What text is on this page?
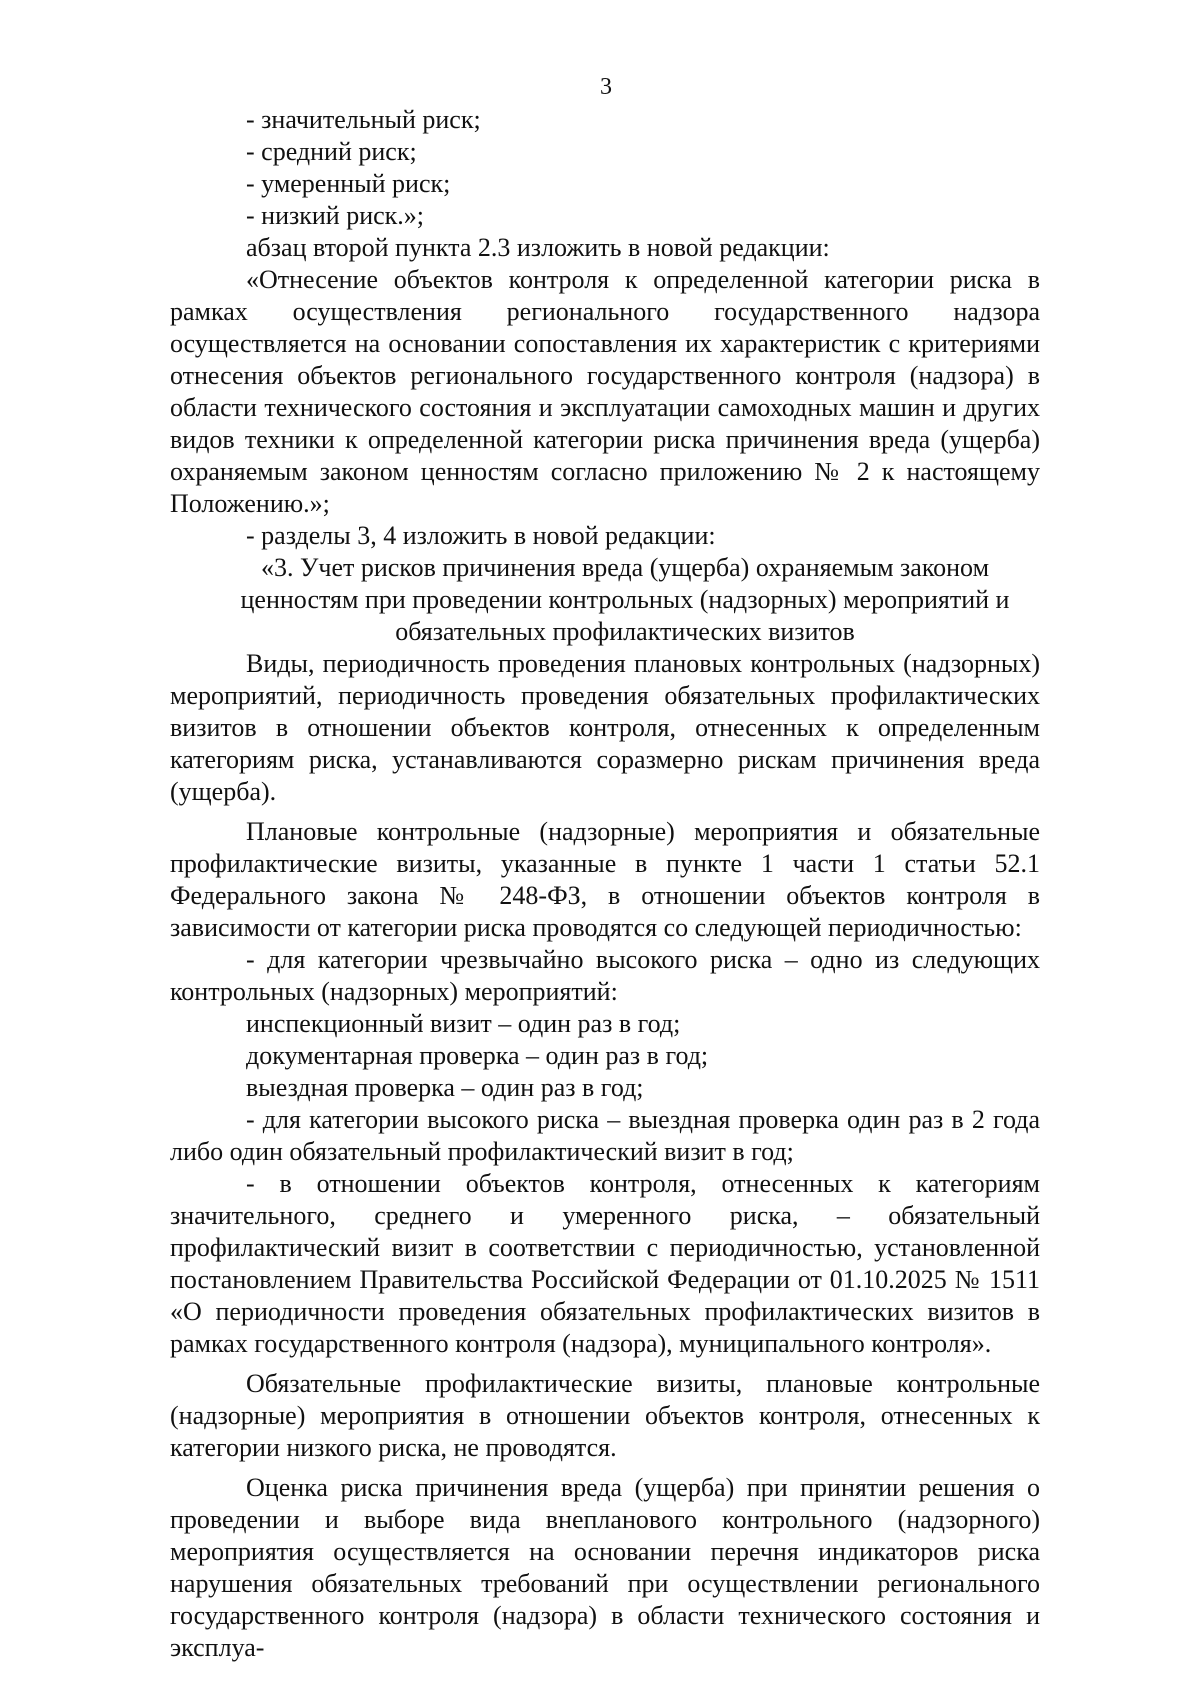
3

- значительный риск;

- средний риск;

- умеренный риск;

- низкий риск.»;

абзац второй пункта 2.3 изложить в новой редакции:

«Отнесение объектов контроля к определенной категории риска в рамках осуществления регионального государственного надзора осуществляется на основании сопоставления их характеристик с критериями отнесения объектов регионального государственного контроля (надзора) в области технического состояния и эксплуатации самоходных машин и других видов техники к определенной категории риска причинения вреда (ущерба) охраняемым законом ценностям согласно приложению № 2 к настоящему Положению.»;

- разделы 3, 4 изложить в новой редакции:

«3. Учет рисков причинения вреда (ущерба) охраняемым законом ценностям при проведении контрольных (надзорных) мероприятий и обязательных профилактических визитов

Виды, периодичность проведения плановых контрольных (надзорных) мероприятий, периодичность проведения обязательных профилактических визитов в отношении объектов контроля, отнесенных к определенным категориям риска, устанавливаются соразмерно рискам причинения вреда (ущерба).

Плановые контрольные (надзорные) мероприятия и обязательные профилактические визиты, указанные в пункте 1 части 1 статьи 52.1 Федерального закона № 248-ФЗ, в отношении объектов контроля в зависимости от категории риска проводятся со следующей периодичностью:

- для категории чрезвычайно высокого риска – одно из следующих контрольных (надзорных) мероприятий:

инспекционный визит – один раз в год;

документарная проверка – один раз в год;

выездная проверка – один раз в год;

- для категории высокого риска – выездная проверка один раз в 2 года либо один обязательный профилактический визит в год;

- в отношении объектов контроля, отнесенных к категориям значительного, среднего и умеренного риска, – обязательный профилактический визит в соответствии с периодичностью, установленной постановлением Правительства Российской Федерации от 01.10.2025 № 1511 «О периодичности проведения обязательных профилактических визитов в рамках государственного контроля (надзора), муниципального контроля».

Обязательные профилактические визиты, плановые контрольные (надзорные) мероприятия в отношении объектов контроля, отнесенных к категории низкого риска, не проводятся.

Оценка риска причинения вреда (ущерба) при принятии решения о проведении и выборе вида внепланового контрольного (надзорного) мероприятия осуществляется на основании перечня индикаторов риска нарушения обязательных требований при осуществлении регионального государственного контроля (надзора) в области технического состояния и эксплуа-
